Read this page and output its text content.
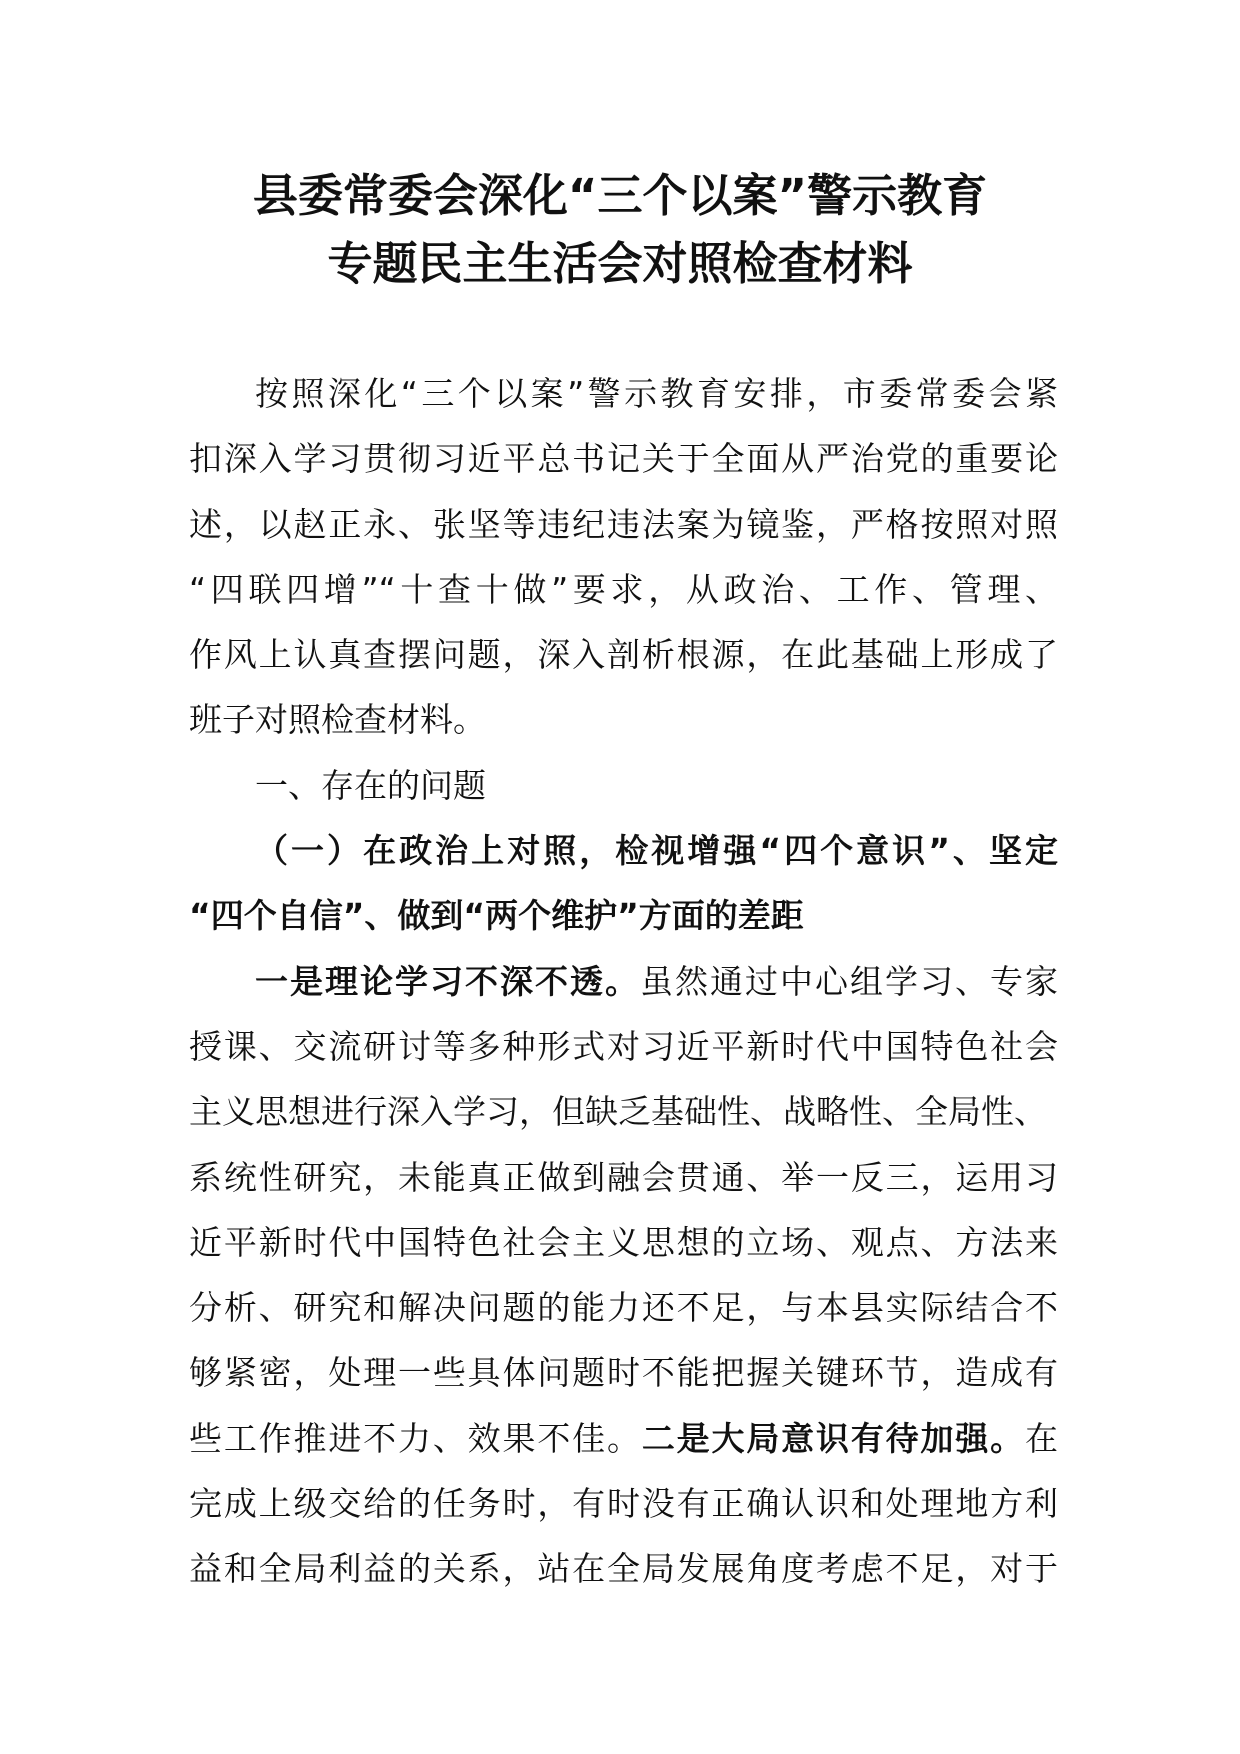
县委常委会深化“三个以案”警示教育
专题民主生活会对照检查材料
按照深化“三个以案”警示教育安排，市委常委会紧
扣深入学习贯彻习近平总书记关于全面从严治党的重要论
述，以赵正永、张坚等违纪违法案为镜鉴，严格按照对照
“四联四增”“十查十做”要求，从政治、工作、管理、
作风上认真查摆问题，深入剖析根源，在此基础上形成了
班子对照检查材料。
一、存在的问题
（一）在政治上对照，检视增强“四个意识”、坚定
“四个自信”、做到“两个维护”方面的差距
一是理论学习不深不透。虽然通过中心组学习、专家
授课、交流研讨等多种形式对习近平新时代中国特色社会
主义思想进行深入学习，但缺乏基础性、战略性、全局性、
系统性研究，未能真正做到融会贯通、举一反三，运用习
近平新时代中国特色社会主义思想的立场、观点、方法来
分析、研究和解决问题的能力还不足，与本县实际结合不
够紧密，处理一些具体问题时不能把握关键环节，造成有
些工作推进不力、效果不佳。二是大局意识有待加强。在
完成上级交给的任务时，有时没有正确认识和处理地方利
益和全局利益的关系，站在全局发展角度考虑不足，对于
